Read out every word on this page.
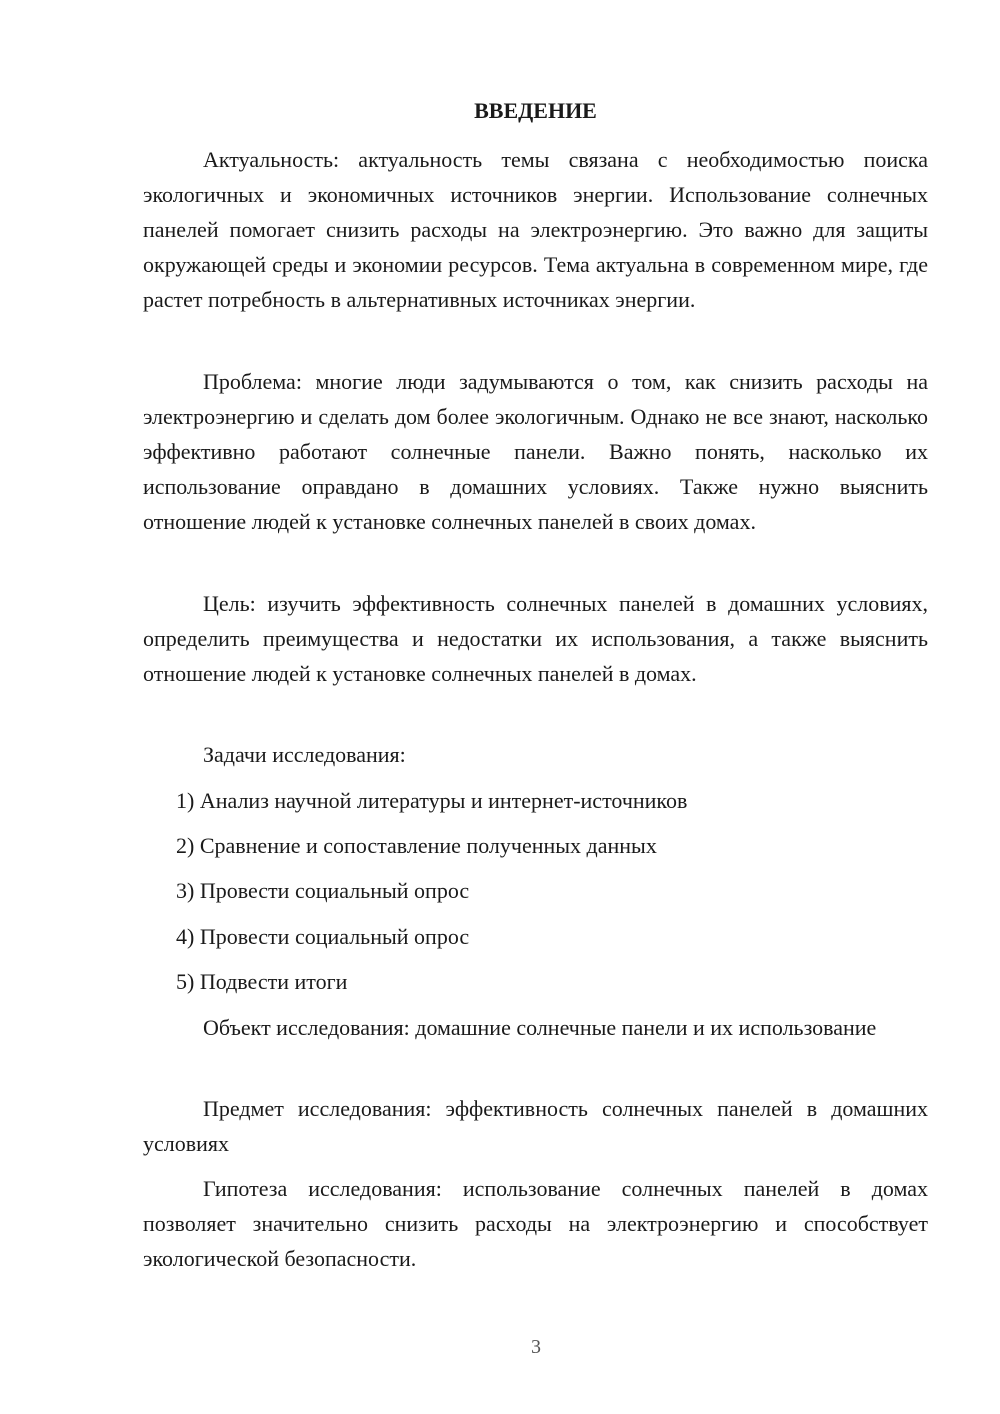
ВВЕДЕНИЕ
Актуальность: актуальность темы связана с необходимостью поиска экологичных и экономичных источников энергии. Использование солнечных панелей помогает снизить расходы на электроэнергию. Это важно для защиты окружающей среды и экономии ресурсов. Тема актуальна в современном мире, где растет потребность в альтернативных источниках энергии.
Проблема: многие люди задумываются о том, как снизить расходы на электроэнергию и сделать дом более экологичным. Однако не все знают, насколько эффективно работают солнечные панели. Важно понять, насколько их использование оправдано в домашних условиях. Также нужно выяснить отношение людей к установке солнечных панелей в своих домах.
Цель: изучить эффективность солнечных панелей в домашних условиях, определить преимущества и недостатки их использования, а также выяснить отношение людей к установке солнечных панелей в домах.
Задачи исследования:
1) Анализ научной литературы и интернет-источников
2) Сравнение и сопоставление полученных данных
3) Провести социальный опрос
4) Провести социальный опрос
5) Подвести итоги
Объект исследования: домашние солнечные панели и их использование
Предмет исследования: эффективность солнечных панелей в домашних условиях
Гипотеза исследования: использование солнечных панелей в домах позволяет значительно снизить расходы на электроэнергию и способствует экологической безопасности.
3
